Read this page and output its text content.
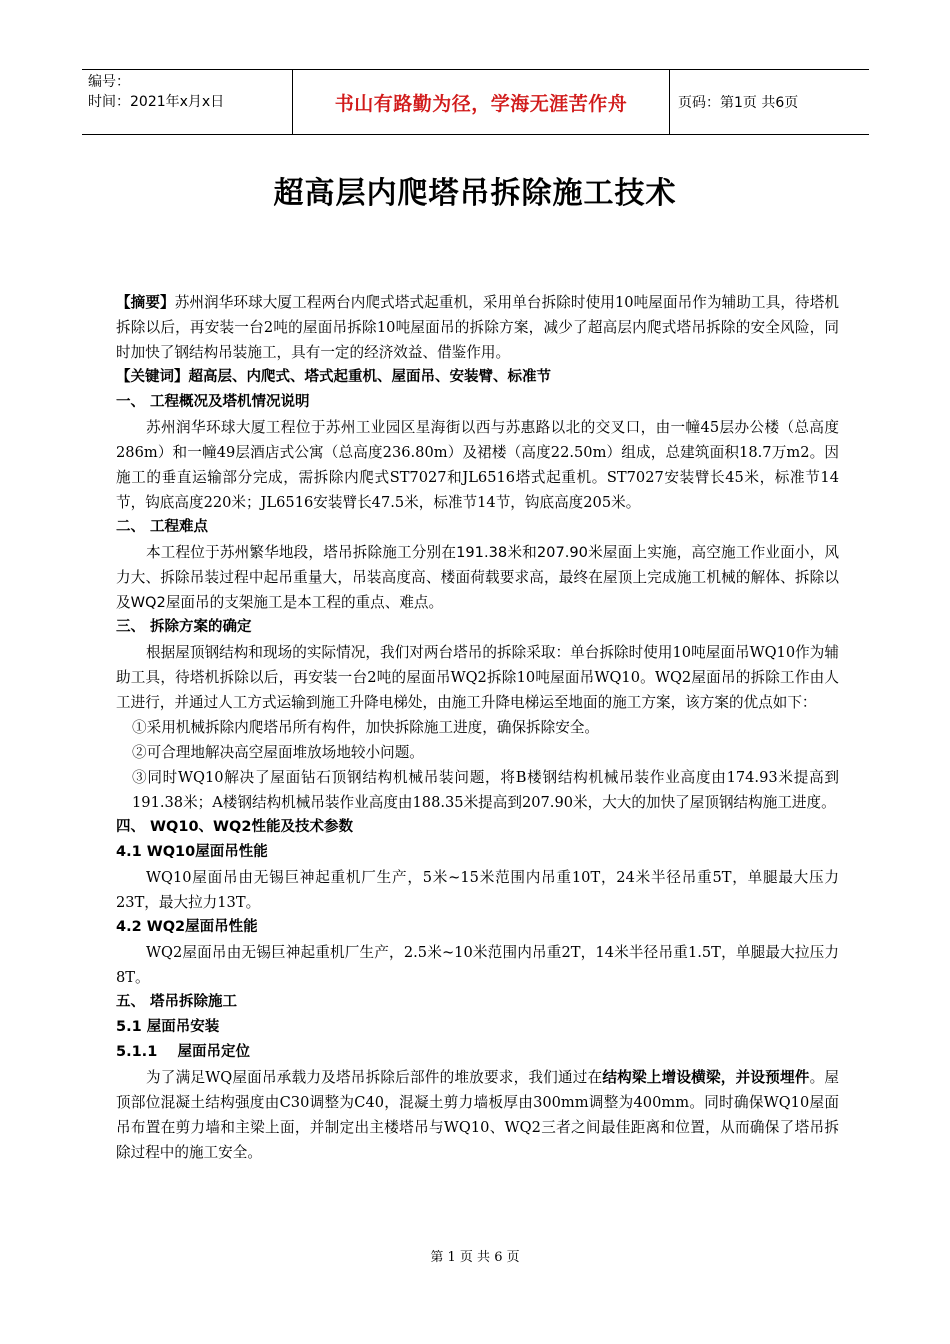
编号：
时间：2021年x月x日	书山有路勤为径，学海无涯苦作舟	页码：第1页 共6页
超高层内爬塔吊拆除施工技术

【摘要】苏州润华环球大厦工程两台内爬式塔式起重机，采用单台拆除时使用10吨屋面吊作为辅助工具，待塔机拆除以后，再安装一台2吨的屋面吊拆除10吨屋面吊的拆除方案，减少了超高层内爬式塔吊拆除的安全风险，同时加快了钢结构吊装施工，具有一定的经济效益、借鉴作用。

【关键词】超高层、内爬式、塔式起重机、屋面吊、安装臂、标准节

一、 工程概况及塔机情况说明

苏州润华环球大厦工程位于苏州工业园区星海街以西与苏惠路以北的交叉口，由一幢45层办公楼（总高度286m）和一幢49层酒店式公寓（总高度236.80m）及裙楼（高度22.50m）组成，总建筑面积18.7万m2。因施工的垂直运输部分完成，需拆除内爬式ST7027和JL6516塔式起重机。ST7027安装臂长45米，标准节14节，钩底高度220米；JL6516安装臂长47.5米，标准节14节，钩底高度205米。

二、 工程难点

本工程位于苏州繁华地段，塔吊拆除施工分别在191.38米和207.90米屋面上实施，高空施工作业面小，风力大、拆除吊装过程中起吊重量大，吊装高度高、楼面荷载要求高，最终在屋顶上完成施工机械的解体、拆除以及WQ2屋面吊的支架施工是本工程的重点、难点。

三、 拆除方案的确定

根据屋顶钢结构和现场的实际情况，我们对两台塔吊的拆除采取：单台拆除时使用10吨屋面吊WQ10作为辅助工具，待塔机拆除以后，再安装一台2吨的屋面吊WQ2拆除10吨屋面吊WQ10。WQ2屋面吊的拆除工作由人工进行，并通过人工方式运输到施工升降电梯处，由施工升降电梯运至地面的施工方案，该方案的优点如下：

①采用机械拆除内爬塔吊所有构件，加快拆除施工进度，确保拆除安全。

②可合理地解决高空屋面堆放场地较小问题。

③同时WQ10解决了屋面钻石顶钢结构机械吊装问题，将B楼钢结构机械吊装作业高度由174.93米提高到191.38米；A楼钢结构机械吊装作业高度由188.35米提高到207.90米，大大的加快了屋顶钢结构施工进度。

四、 WQ10、WQ2性能及技术参数

4.1 WQ10屋面吊性能

WQ10屋面吊由无锡巨神起重机厂生产，5米~15米范围内吊重10T，24米半径吊重5T，单腿最大压力23T，最大拉力13T。

4.2 WQ2屋面吊性能

WQ2屋面吊由无锡巨神起重机厂生产，2.5米~10米范围内吊重2T，14米半径吊重1.5T，单腿最大拉压力8T。

五、 塔吊拆除施工

5.1 屋面吊安装

5.1.1    屋面吊定位

为了满足WQ屋面吊承载力及塔吊拆除后部件的堆放要求，我们通过在结构梁上增设横梁，并设预埋件。屋顶部位混凝土结构强度由C30调整为C40，混凝土剪力墙板厚由300mm调整为400mm。同时确保WQ10屋面吊布置在剪力墙和主梁上面，并制定出主楼塔吊与WQ10、WQ2三者之间最佳距离和位置，从而确保了塔吊拆除过程中的施工安全。

第 1 页 共 6 页
